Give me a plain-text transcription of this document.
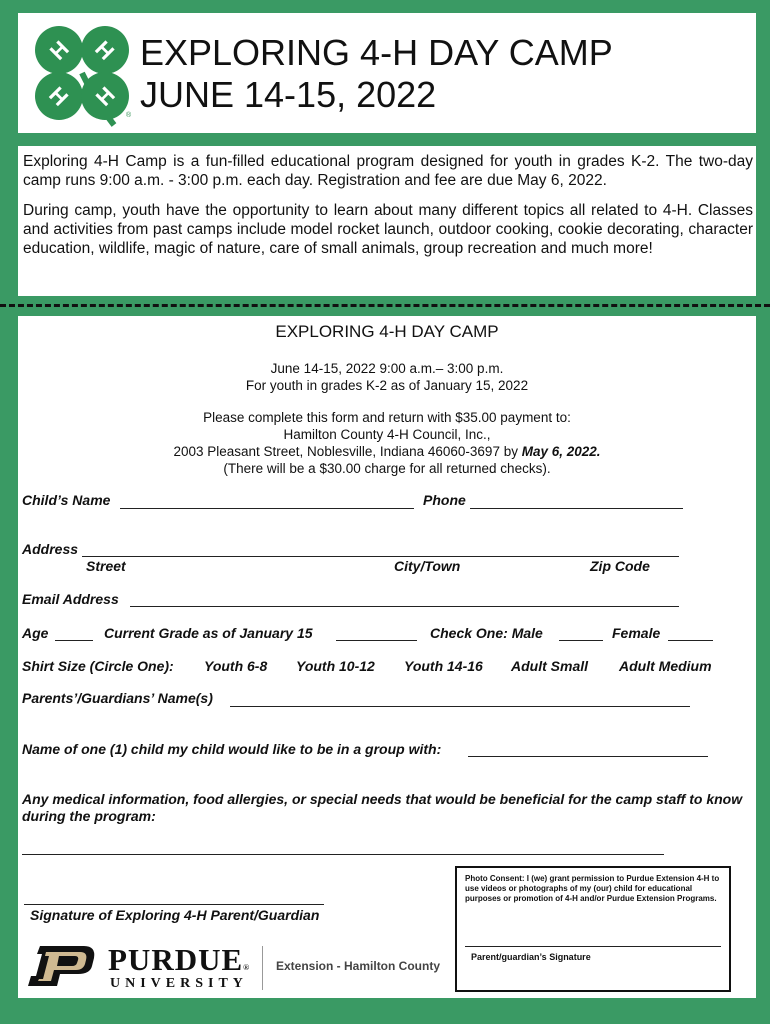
H H
H H
®
EXPLORING 4-H DAY CAMP
JUNE 14-15, 2022

Exploring 4-H Camp is a fun-filled educational program designed for youth in grades K-2. The two-day camp runs 9:00 a.m. - 3:00 p.m. each day. Registration and fee are due May 6, 2022.

During camp, youth have the opportunity to learn about many different topics all related to 4-H. Classes and activities from past camps include model rocket launch, outdoor cooking, cookie decorating, character education, wildlife, magic of nature, care of small animals, group recreation and much more!

EXPLORING 4-H DAY CAMP
June 14-15, 2022 9:00 a.m.– 3:00 p.m.
For youth in grades K-2 as of January 15, 2022
Please complete this form and return with $35.00 payment to:
Hamilton County 4-H Council, Inc.,
2003 Pleasant Street, Noblesville, Indiana 46060-3697 by May 6, 2022.
(There will be a $30.00 charge for all returned checks).
Child’s Name	Phone
Address
Street	City/Town	Zip Code
Email Address
Age	Current Grade as of January 15	Check One: Male	Female
Shirt Size (Circle One): Youth 6-8 Youth 10-12 Youth 14-16 Adult Small Adult Medium
Parents’/Guardians’ Name(s)
Name of one (1) child my child would like to be in a group with:
Any medical information, food allergies, or special needs that would be beneficial for the camp staff to know during the program:
Signature of Exploring 4-H Parent/Guardian
Photo Consent: I (we) grant permission to Purdue Extension 4-H to use videos or photographs of my (our) child for educational purposes or promotion of 4-H and/or Purdue Extension Programs.
Parent/guardian’s Signature
PURDUE®
UNIVERSITY
Extension - Hamilton County
